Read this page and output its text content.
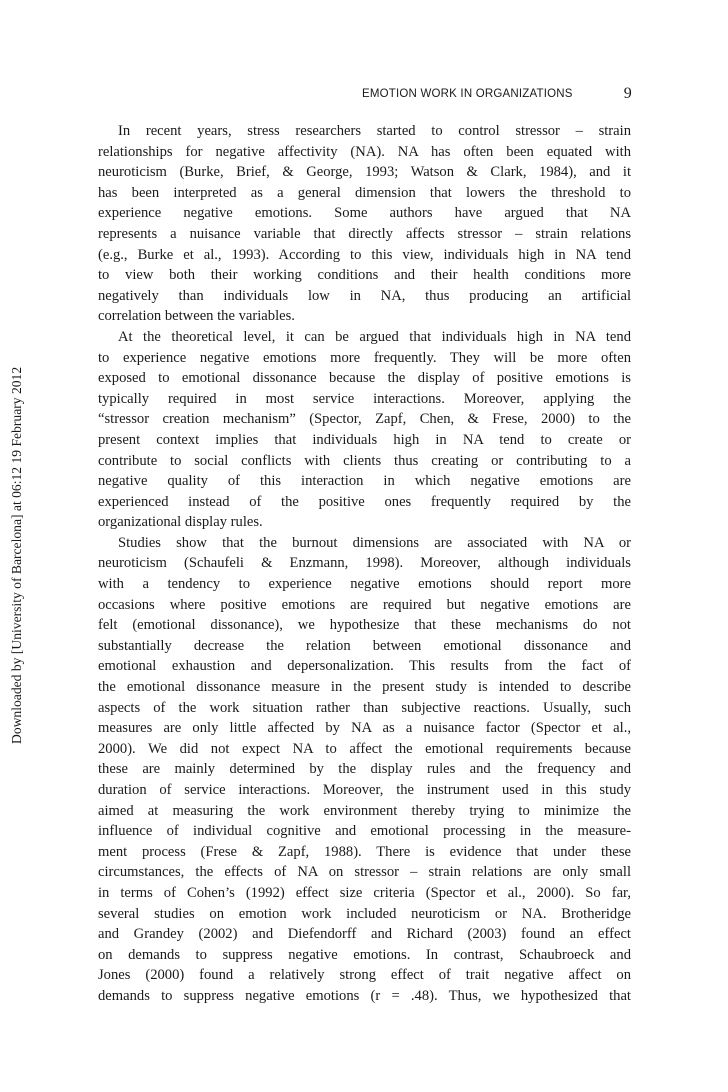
EMOTION WORK IN ORGANIZATIONS	9
Downloaded by [University of Barcelona] at 06:12 19 February 2012
In recent years, stress researchers started to control stressor – strain
relationships for negative affectivity (NA). NA has often been equated with
neuroticism (Burke, Brief, & George, 1993; Watson & Clark, 1984), and it
has been interpreted as a general dimension that lowers the threshold to
experience negative emotions. Some authors have argued that NA
represents a nuisance variable that directly affects stressor – strain relations
(e.g., Burke et al., 1993). According to this view, individuals high in NA tend
to view both their working conditions and their health conditions more
negatively than individuals low in NA, thus producing an artificial
correlation between the variables.
At the theoretical level, it can be argued that individuals high in NA tend
to experience negative emotions more frequently. They will be more often
exposed to emotional dissonance because the display of positive emotions is
typically required in most service interactions. Moreover, applying the
“stressor creation mechanism” (Spector, Zapf, Chen, & Frese, 2000) to the
present context implies that individuals high in NA tend to create or
contribute to social conflicts with clients thus creating or contributing to a
negative quality of this interaction in which negative emotions are
experienced instead of the positive ones frequently required by the
organizational display rules.
Studies show that the burnout dimensions are associated with NA or
neuroticism (Schaufeli & Enzmann, 1998). Moreover, although individuals
with a tendency to experience negative emotions should report more
occasions where positive emotions are required but negative emotions are
felt (emotional dissonance), we hypothesize that these mechanisms do not
substantially decrease the relation between emotional dissonance and
emotional exhaustion and depersonalization. This results from the fact of
the emotional dissonance measure in the present study is intended to describe
aspects of the work situation rather than subjective reactions. Usually, such
measures are only little affected by NA as a nuisance factor (Spector et al.,
2000). We did not expect NA to affect the emotional requirements because
these are mainly determined by the display rules and the frequency and
duration of service interactions. Moreover, the instrument used in this study
aimed at measuring the work environment thereby trying to minimize the
influence of individual cognitive and emotional processing in the measure-
ment process (Frese & Zapf, 1988). There is evidence that under these
circumstances, the effects of NA on stressor – strain relations are only small
in terms of Cohen’s (1992) effect size criteria (Spector et al., 2000). So far,
several studies on emotion work included neuroticism or NA. Brotheridge
and Grandey (2002) and Diefendorff and Richard (2003) found an effect
on demands to suppress negative emotions. In contrast, Schaubroeck and
Jones (2000) found a relatively strong effect of trait negative affect on
demands to suppress negative emotions (r = .48). Thus, we hypothesized that
